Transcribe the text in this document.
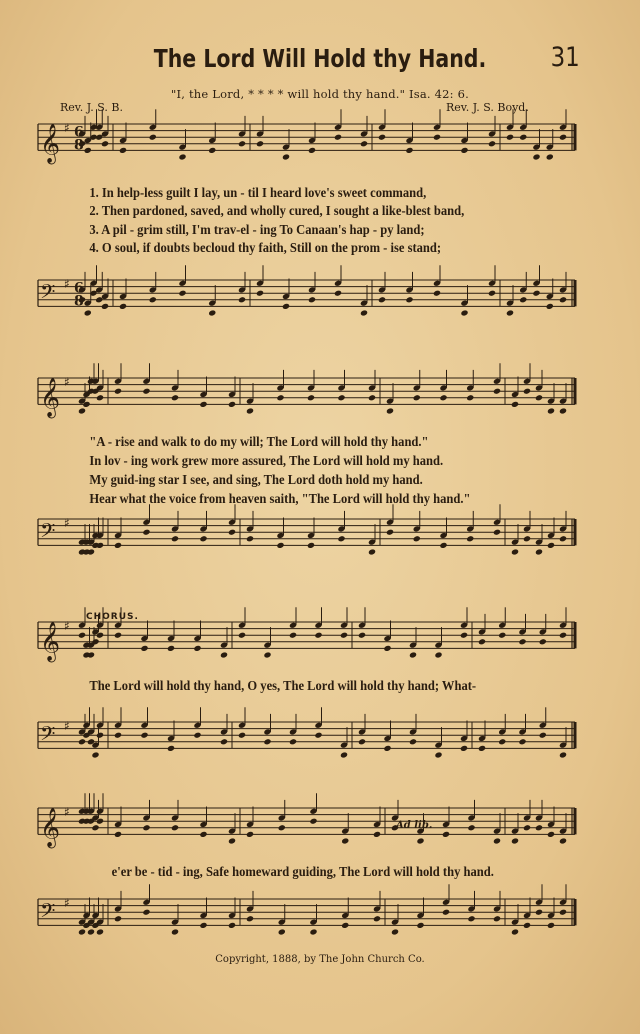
The Lord Will Hold thy Hand.	31
"I, the Lord, * * * * will hold thy hand." Isa. 42: 6.
Rev. J. S. B.	Rev. J. S. Boyd.
𝄞 ♯ 6
8
𝄢 ♯ 6
8
𝄞 ♯
𝄢 ♯
𝄞 ♯
𝄢 ♯
𝄞 ♯
𝄢 ♯
1. In help-less guilt I lay, un - til I heard love's sweet command,
2. Then pardoned, saved, and wholly cured, I sought a like-blest band,
3. A pil - grim still, I'm trav-el - ing To Canaan's hap - py land;
4. O soul, if doubts becloud thy faith, Still on the prom - ise stand;
"A - rise and walk to do my will; The Lord will hold thy hand."
In lov - ing work grew more assured, The Lord will hold my hand.
My guid-ing star I see, and sing, The Lord doth hold my hand.
Hear what the voice from heaven saith, "The Lord will hold thy hand."
CHORUS.
The Lord will hold thy hand, O yes, The Lord will hold thy hand; What-
Ad lib.
e'er be - tid - ing, Safe homeward guiding, The Lord will hold thy hand.
Copyright, 1888, by The John Church Co.
